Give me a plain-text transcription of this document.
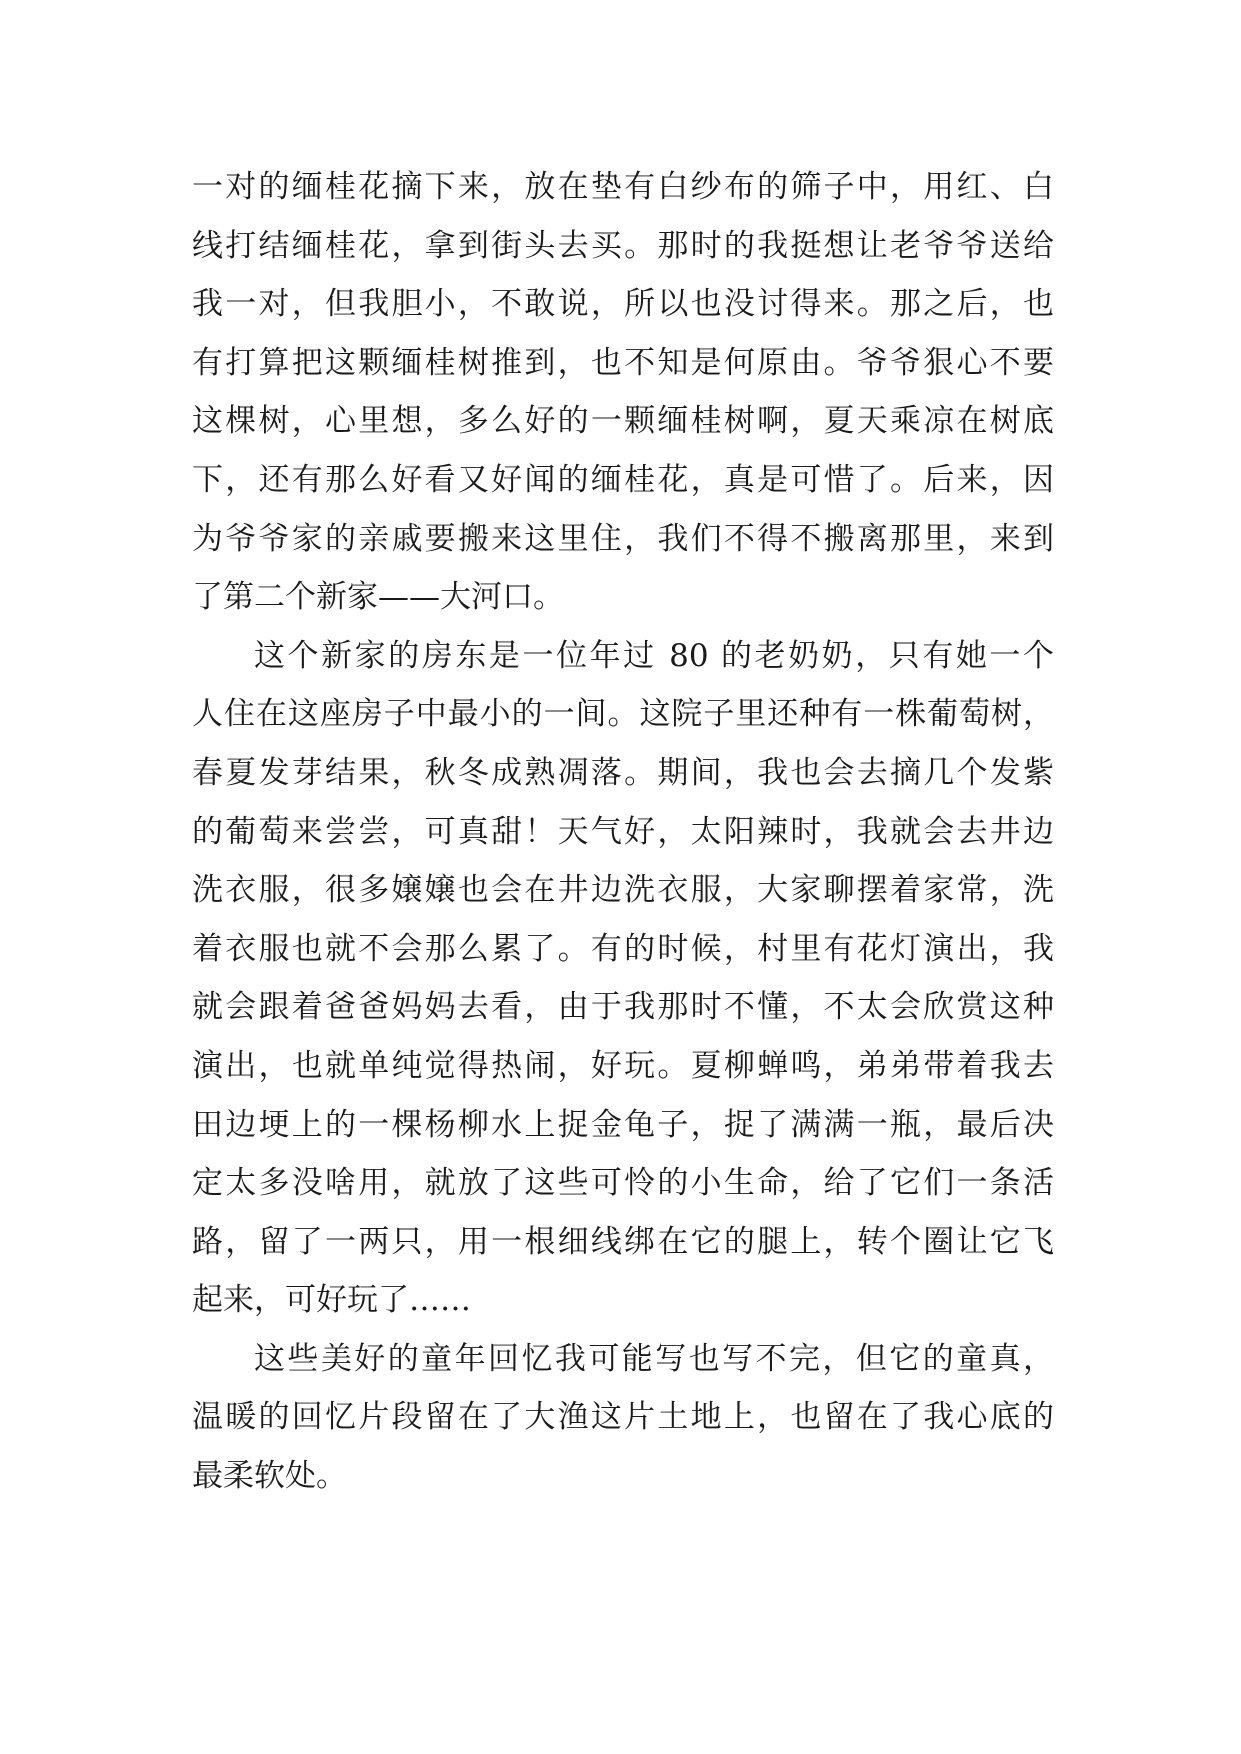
一对的缅桂花摘下来，放在垫有白纱布的筛子中，用红、白
线打结缅桂花，拿到街头去买。那时的我挺想让老爷爷送给
我一对，但我胆小，不敢说，所以也没讨得来。那之后，也
有打算把这颗缅桂树推到，也不知是何原由。爷爷狠心不要
这棵树，心里想，多么好的一颗缅桂树啊，夏天乘凉在树底
下，还有那么好看又好闻的缅桂花，真是可惜了。后来，因
为爷爷家的亲戚要搬来这里住，我们不得不搬离那里，来到
了第二个新家——大河口。
这个新家的房东是一位年过 80 的老奶奶，只有她一个
人住在这座房子中最小的一间。这院子里还种有一株葡萄树，
春夏发芽结果，秋冬成熟凋落。期间，我也会去摘几个发紫
的葡萄来尝尝，可真甜！天气好，太阳辣时，我就会去井边
洗衣服，很多嬢嬢也会在井边洗衣服，大家聊摆着家常，洗
着衣服也就不会那么累了。有的时候，村里有花灯演出，我
就会跟着爸爸妈妈去看，由于我那时不懂，不太会欣赏这种
演出，也就单纯觉得热闹，好玩。夏柳蝉鸣，弟弟带着我去
田边埂上的一棵杨柳水上捉金龟子，捉了满满一瓶，最后决
定太多没啥用，就放了这些可怜的小生命，给了它们一条活
路，留了一两只，用一根细线绑在它的腿上，转个圈让它飞
起来，可好玩了……
这些美好的童年回忆我可能写也写不完，但它的童真，
温暖的回忆片段留在了大渔这片土地上，也留在了我心底的
最柔软处。
